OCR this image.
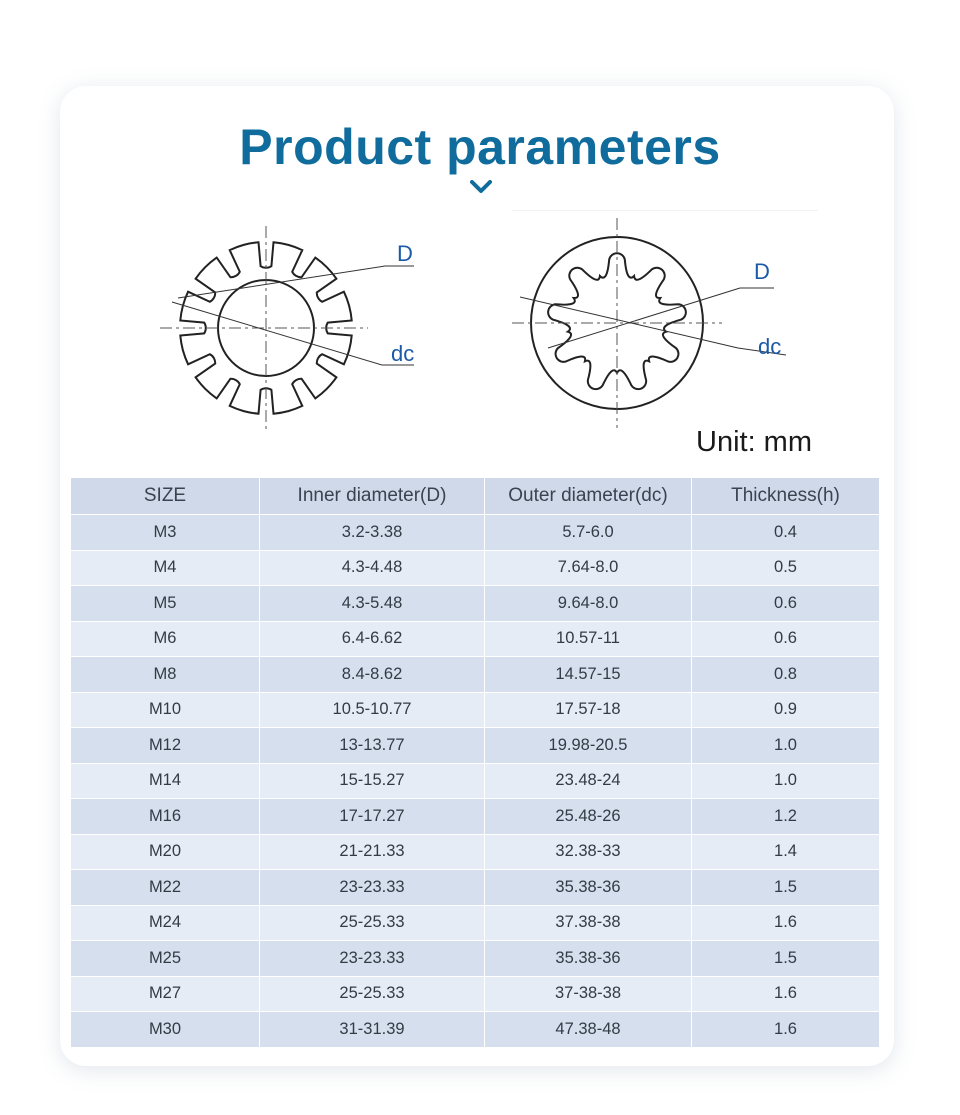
Product parameters
D
dc
D
dc
Unit: mm
SIZE	Inner diameter(D)	Outer diameter(dc)	Thickness(h)
M3	3.2-3.38	5.7-6.0	0.4
M4	4.3-4.48	7.64-8.0	0.5
M5	4.3-5.48	9.64-8.0	0.6
M6	6.4-6.62	10.57-11	0.6
M8	8.4-8.62	14.57-15	0.8
M10	10.5-10.77	17.57-18	0.9
M12	13-13.77	19.98-20.5	1.0
M14	15-15.27	23.48-24	1.0
M16	17-17.27	25.48-26	1.2
M20	21-21.33	32.38-33	1.4
M22	23-23.33	35.38-36	1.5
M24	25-25.33	37.38-38	1.6
M25	23-23.33	35.38-36	1.5
M27	25-25.33	37-38-38	1.6
M30	31-31.39	47.38-48	1.6
